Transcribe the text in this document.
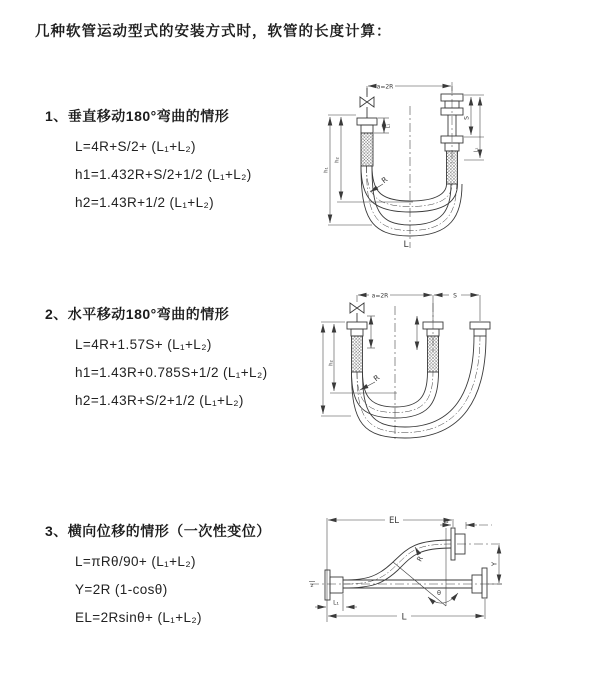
几种软管运动型式的安装方式时，软管的长度计算：
1、垂直移动180°弯曲的情形
L=4R+S/2+ (L₁+L₂)
h1=1.432R+S/2+1/2 (L₁+L₂)
h2=1.43R+1/2 (L₁+L₂)
2、水平移动180°弯曲的情形
L=4R+1.57S+ (L₁+L₂)
h1=1.43R+0.785S+1/2 (L₁+L₂)
h2=1.43R+S/2+1/2 (L₁+L₂)
3、横向位移的情形（一次性变位）
L=πRθ/90+ (L₁+L₂)
Y=2R (1-cosθ)
EL=2Rsinθ+ (L₁+L₂)
a=2R
S
L₁
L₁
h₁
h₂
R
L
a=2R	S
h₂
R
EL	L₂
R
Y
θ
L
L₁
z
